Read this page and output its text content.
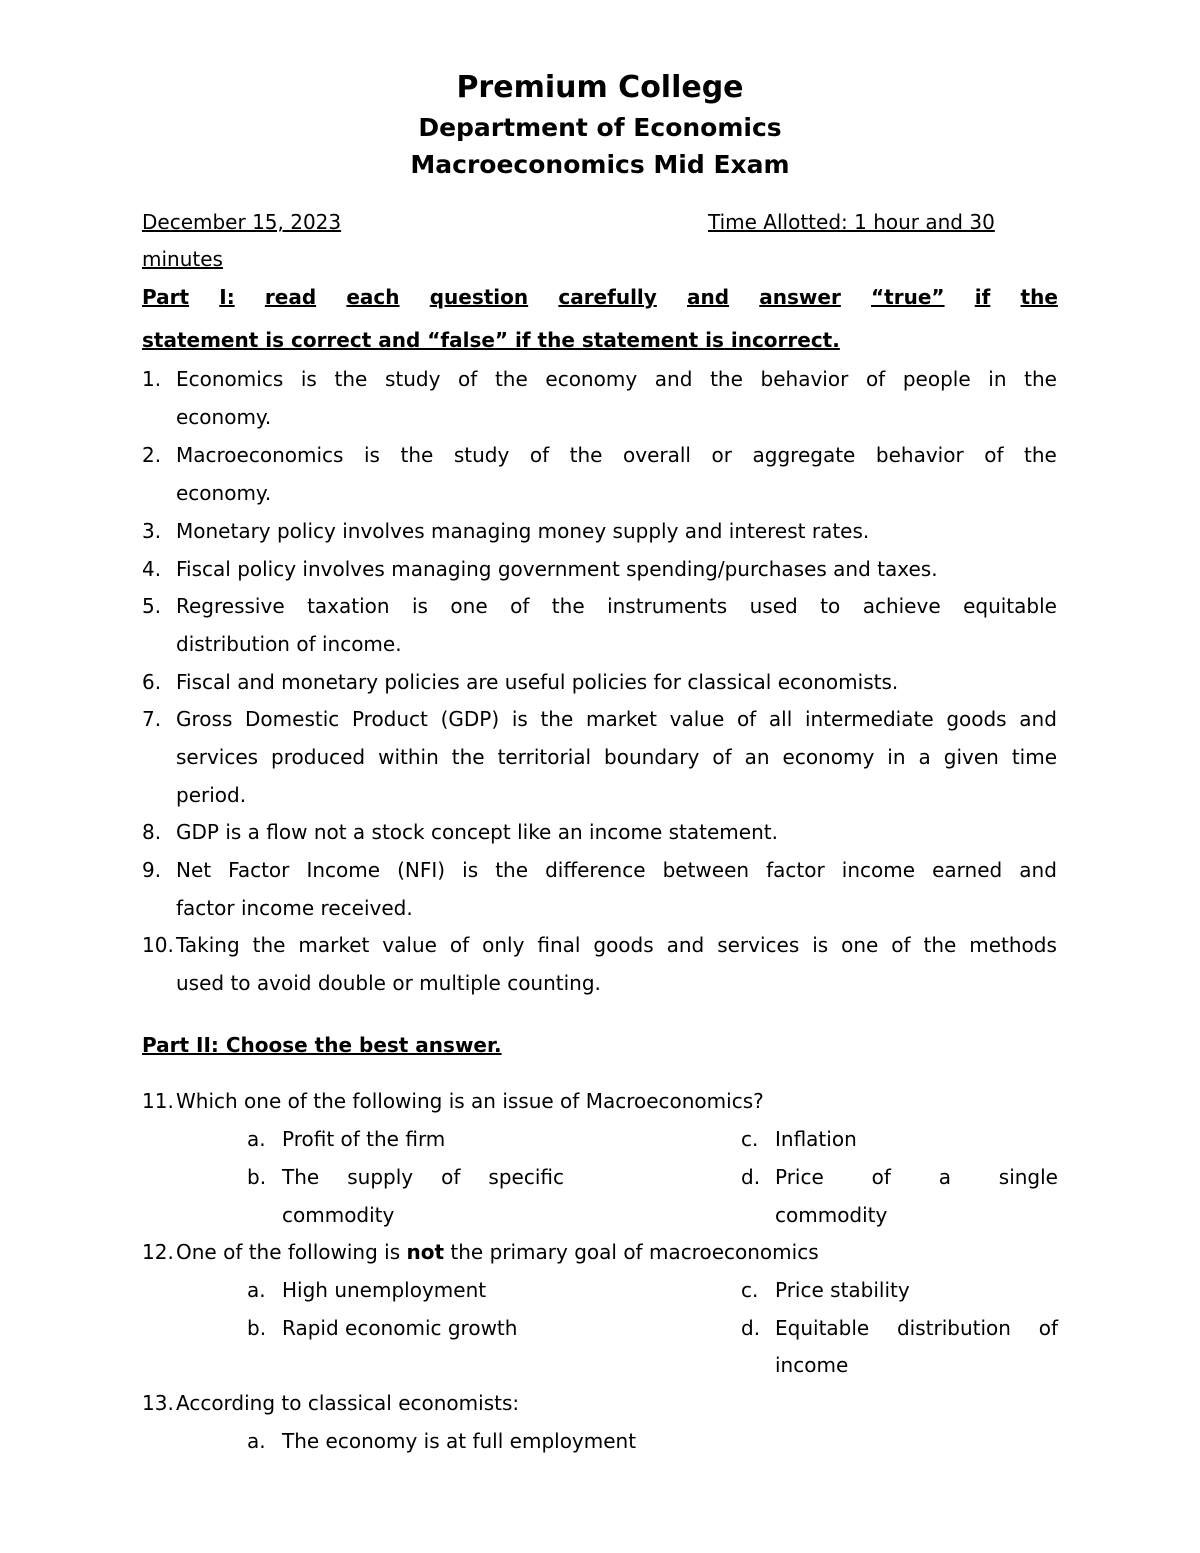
Premium College
Department of Economics
Macroeconomics Mid Exam
December 15, 2023	Time Allotted: 1 hour and 30
minutes
Part I: read each question carefully and answer “true” if the
statement is correct and “false” if the statement is incorrect.
1. Economics is the study of the economy and the behavior of people in the
economy.
2. Macroeconomics is the study of the overall or aggregate behavior of the
economy.
3. Monetary policy involves managing money supply and interest rates.
4. Fiscal policy involves managing government spending/purchases and taxes.
5. Regressive taxation is one of the instruments used to achieve equitable
distribution of income.
6. Fiscal and monetary policies are useful policies for classical economists.
7. Gross Domestic Product (GDP) is the market value of all intermediate goods and
services produced within the territorial boundary of an economy in a given time
period.
8. GDP is a flow not a stock concept like an income statement.
9. Net Factor Income (NFI) is the difference between factor income earned and
factor income received.
10. Taking the market value of only final goods and services is one of the methods
used to avoid double or multiple counting.
Part II: Choose the best answer.
11. Which one of the following is an issue of Macroeconomics?
a. Profit of the firm
b. The supply of specific
commodity
c. Inflation
d. Price of a single
commodity
12. One of the following is not the primary goal of macroeconomics
a. High unemployment
b. Rapid economic growth
c. Price stability
d. Equitable distribution of
income
13. According to classical economists:
a. The economy is at full employment
